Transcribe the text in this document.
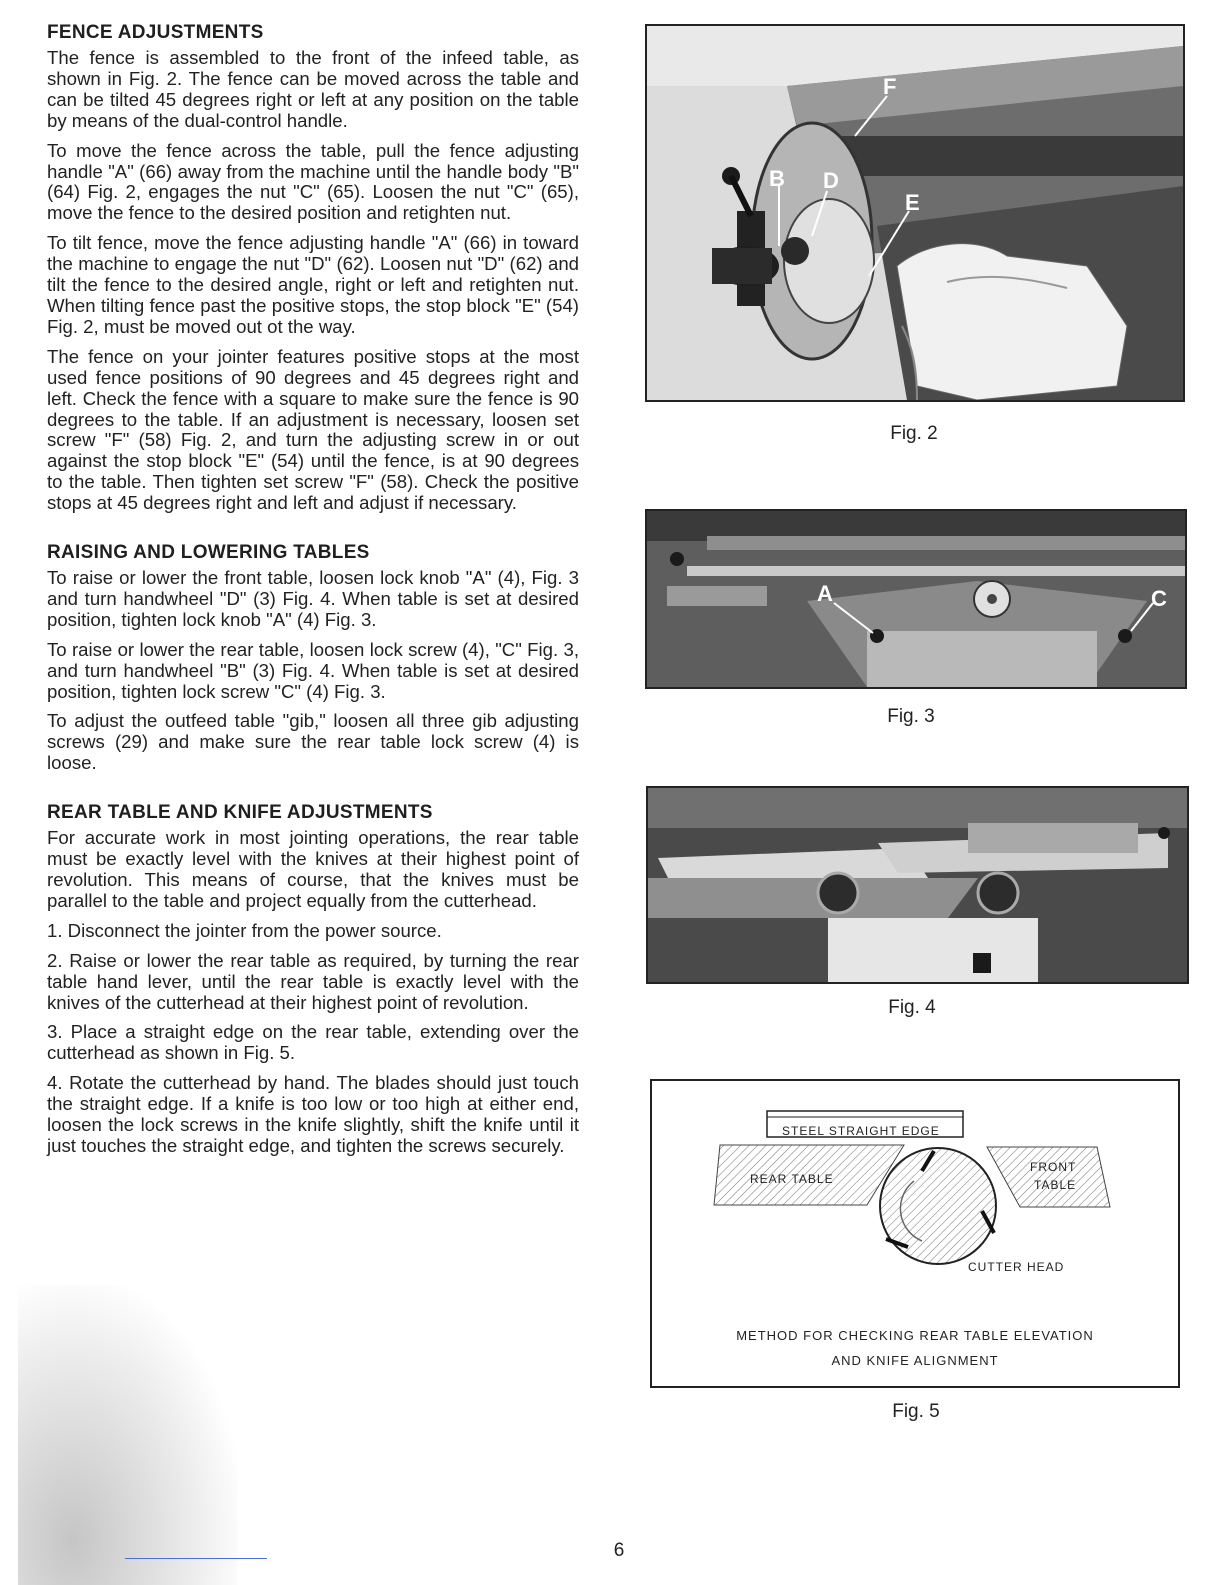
FENCE ADJUSTMENTS

The fence is assembled to the front of the infeed table, as shown in Fig. 2. The fence can be moved across the table and can be tilted 45 degrees right or left at any position on the table by means of the dual-control handle.

To move the fence across the table, pull the fence adjusting handle "A" (66) away from the machine until the handle body "B" (64) Fig. 2, engages the nut "C" (65). Loosen the nut "C" (65), move the fence to the desired position and retighten nut.

To tilt fence, move the fence adjusting handle "A" (66) in toward the machine to engage the nut "D" (62). Loosen nut "D" (62) and tilt the fence to the desired angle, right or left and retighten nut. When tilting fence past the positive stops, the stop block "E" (54) Fig. 2, must be moved out ot the way.

The fence on your jointer features positive stops at the most used fence positions of 90 degrees and 45 degrees right and left. Check the fence with a square to make sure the fence is 90 degrees to the table. If an adjustment is necessary, loosen set screw "F" (58) Fig. 2, and turn the adjusting screw in or out against the stop block "E" (54) until the fence, is at 90 degrees to the table. Then tighten set screw "F" (58). Check the positive stops at 45 degrees right and left and adjust if necessary.

RAISING AND LOWERING TABLES

To raise or lower the front table, loosen lock knob "A" (4), Fig. 3 and turn handwheel "D" (3) Fig. 4. When table is set at desired position, tighten lock knob "A" (4) Fig. 3.

To raise or lower the rear table, loosen lock screw (4), "C" Fig. 3, and turn handwheel "B" (3) Fig. 4. When table is set at desired position, tighten lock screw "C" (4) Fig. 3.

To adjust the outfeed table "gib," loosen all three gib adjusting screws (29) and make sure the rear table lock screw (4) is loose.

REAR TABLE AND KNIFE ADJUSTMENTS

For accurate work in most jointing operations, the rear table must be exactly level with the knives at their highest point of revolution. This means of course, that the knives must be parallel to the table and project equally from the cutterhead.

1. Disconnect the jointer from the power source.

2. Raise or lower the rear table as required, by turning the rear table hand lever, until the rear table is exactly level with the knives of the cutterhead at their highest point of revolution.

3. Place a straight edge on the rear table, extending over the cutterhead as shown in Fig. 5.

4. Rotate the cutterhead by hand. The blades should just touch the straight edge. If a knife is too low or too high at either end, loosen the lock screws in the knife slightly, shift the knife until it just touches the straight edge, and tighten the screws securely.

F
B D
E
Fig. 2
A	C
Fig. 3
Fig. 4
STEEL STRAIGHT EDGE
REAR TABLE
FRONT
TABLE
CUTTER HEAD
METHOD FOR CHECKING REAR TABLE ELEVATION
AND KNIFE ALIGNMENT
Fig. 5
6
